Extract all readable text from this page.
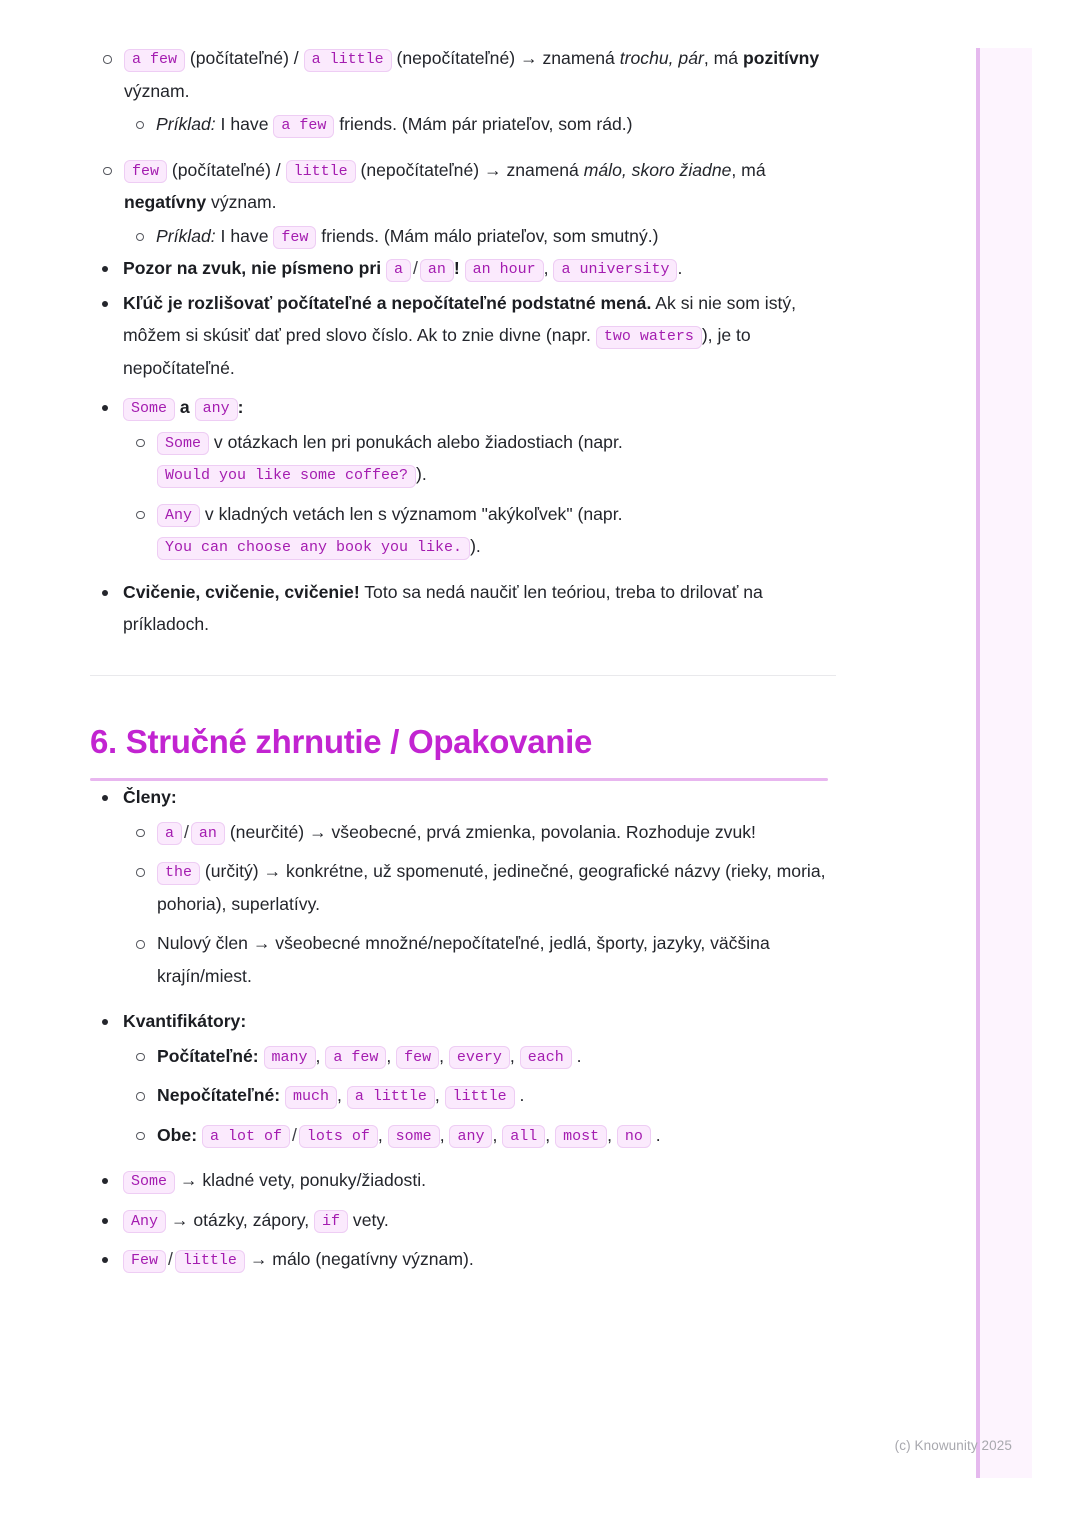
a few (počítateľné) / a little (nepočítateľné) → znamená trochu, pár, má pozitívny význam.
Príklad: I have a few friends. (Mám pár priateľov, som rád.)
few (počítateľné) / little (nepočítateľné) → znamená málo, skoro žiadne, má negatívny význam.
Príklad: I have few friends. (Mám málo priateľov, som smutný.)
Pozor na zvuk, nie písmeno pri a / an ! an hour , a university .
Kľúč je rozlišovať počítateľné a nepočítateľné podstatné mená. Ak si nie som istý, môžem si skúsiť dať pred slovo číslo. Ak to znie divne (napr. two waters ), je to nepočítateľné.
Some a any :
Some v otázkach len pri ponukách alebo žiadostiach (napr. Would you like some coffee? ).
Any v kladných vetách len s významom "akýkoľvek" (napr. You can choose any book you like. ).
Cvičenie, cvičenie, cvičenie! Toto sa nedá naučiť len teóriou, treba to drilovať na príkladoch.
6. Stručné zhrnutie / Opakovanie
Členy:
a / an (neurčité) → všeobecné, prvá zmienka, povolania. Rozhoduje zvuk!
the (určitý) → konkrétne, už spomenuté, jedinečné, geografické názvy (rieky, moria, pohoria), superlatívy.
Nulový člen → všeobecné množné/nepočítateľné, jedlá, športy, jazyky, väčšina krajín/miest.
Kvantifikátory:
Počítateľné: many , a few , few , every , each .
Nepočítateľné: much , a little , little .
Obe: a lot of / lots of , some , any , all , most , no .
Some → kladné vety, ponuky/žiadosti.
Any → otázky, zápory, if vety.
Few / little → málo (negatívny význam).
(c) Knowunity 2025
